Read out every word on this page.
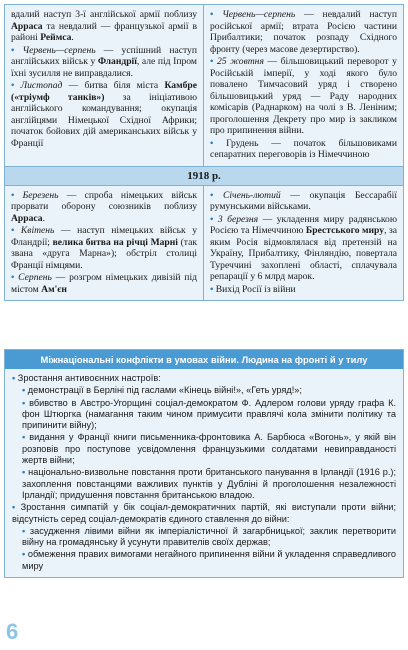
вдалий наступ 3-ї англійської армії поблизу Арраса та невдалий — французької армії в районі Реймса.

• Червень—серпень — успішний наступ англійських військ у Фландрії, але під Іпром їхні зусилля не виправдалися.

• Листопад — битва біля міста Камбре («тріумф танків») за ініціативою англійського командування; окупація англійцями Німецької Східної Африки; початок бойових дій американських військ у Франції

• Червень—серпень — невдалий наступ російської армії; втрата Росією частини Прибалтики; початок розпаду Східного фронту (через масове дезертирство).

• 25 жовтня — більшовицький переворот у Російській імперії, у ході якого було повалено Тимчасовий уряд і створено більшовицький уряд — Раду народних комісарів (Раднарком) на чолі з В. Леніним; проголошення Декрету про мир із закликом про припинення війни.

• Грудень — початок більшовиками сепаратних переговорів із Німеччиною

1918 р.

• Березень — спроба німецьких військ прорвати оборону союзників поблизу Арраса.

• Квітень — наступ німецьких військ у Фландрії; велика битва на річці Марні (так звана «друга Марна»); обстріл столиці Франції німцями.

• Серпень — розгром німецьких дивізій під містом Ам'єн

• Січень-лютий — окупація Бессарабії румунськими військами.

• 3 березня — укладення миру радянською Росією та Німеччиною Брестського миру, за яким Росія відмовлялася від претензій на Україну, Прибалтику, Фінляндію, повертала Туреччині захоплені області, сплачувала репарації у 6 млрд марок.

• Вихід Росії із війни

Міжнаціональні конфлікти в умовах війни. Людина на фронті й у тилу

• Зростання антивоєнних настроїв:

• демонстрації в Берліні під гаслами «Кінець війні!», «Геть уряд!»;

• вбивство в Австро-Угорщині соціал-демократом Ф. Адлером голови уряду графа К. фон Штюргка (намагання таким чином примусити правлячі кола змінити політику та припинити війну);

• видання у Франції книги письменника-фронтовика А. Барбюса «Вогонь», у якій він розповів про поступове усвідомлення французькими солдатами невиправданості жертв війни;

• національно-визвольне повстання проти британського панування в Ірландії (1916 р.); захоплення повстанцями важливих пунктів у Дубліні й проголошення незалежності Ірландії; придушення повстання британською владою.

• Зростання симпатій у бік соціал-демократичних партій, які виступали проти війни; відсутність серед соціал-демократів єдиного ставлення до війни:

• засудження лівими війни як імперіалістичної й загарбницької; заклик перетворити війну на громадянську й усунути правителів своїх держав;

• обмеження правих вимогами негайного припинення війни й укладення справедливого миру

6
